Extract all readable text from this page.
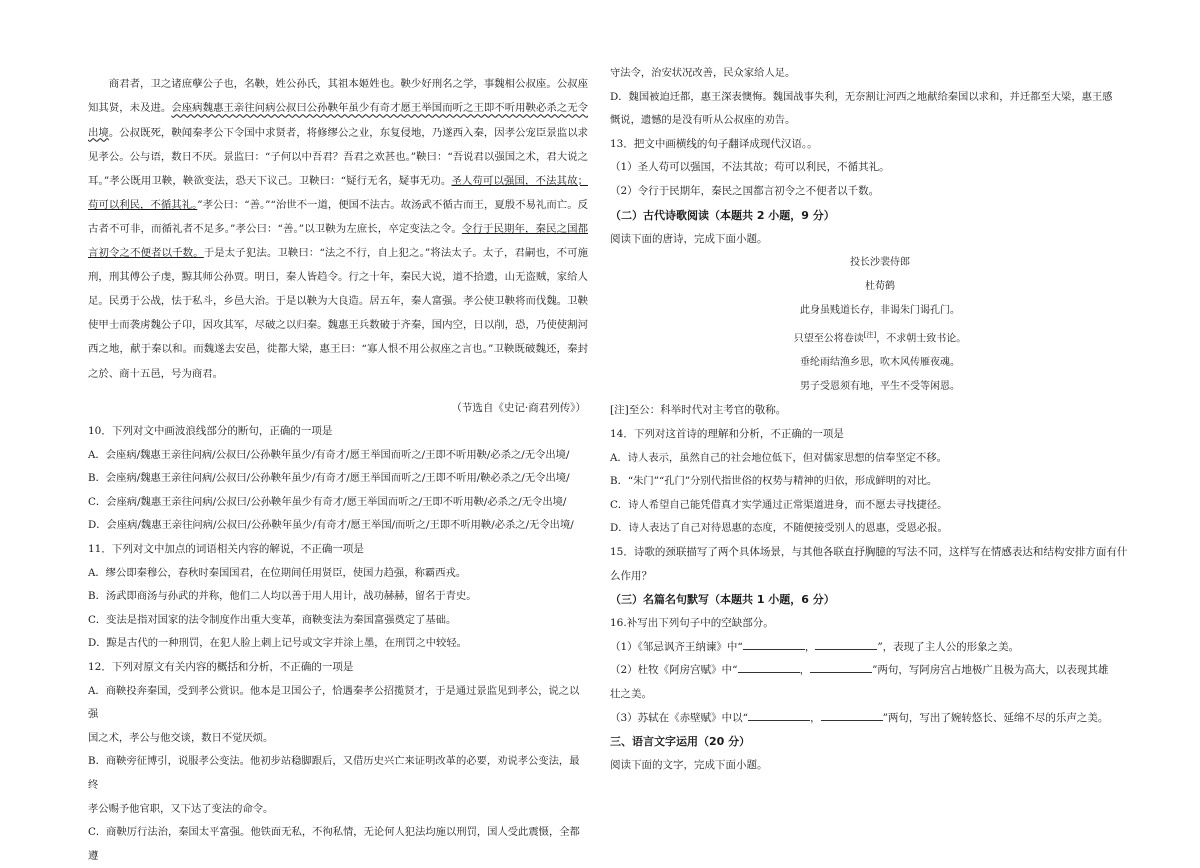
商君者，卫之诸庶孽公子也，名鞅，姓公孙氏，其祖本姬姓也。鞅少好刑名之学，事魏相公叔座。公叔座知其贤，未及进。会座病魏惠王亲往问病公叔曰公孙鞅年虽少有奇才愿王举国而听之王即不听用鞅必杀之无令出境。公叔既死，鞅闻秦孝公下令国中求贤者，将修缪公之业，东复侵地，乃遂西入秦，因孝公宠臣景监以求见孝公。公与语，数日不厌。景监曰：“子何以中吾君？吾君之欢甚也。”鞅曰：“吾说君以强国之术，君大说之耳。”孝公既用卫鞅，鞅欲变法，恐天下议己。卫鞅曰：“疑行无名，疑事无功。圣人苟可以强国，不法其故；苟可以利民，不循其礼。”孝公曰：“善。”“治世不一道，便国不法古。故汤武不循古而王，夏殷不易礼而亡。反古者不可非，而循礼者不足多。”孝公曰：“善。”以卫鞅为左庶长，卒定变法之令。令行于民期年，秦民之国都言初令之不便者以千数。于是太子犯法。卫鞅曰：“法之不行，自上犯之。”将法太子。太子，君嗣也，不可施刑，刑其傅公子虔，黥其师公孙贾。明日，秦人皆趋令。行之十年，秦民大说，道不拾遗，山无盗贼，家给人足。民勇于公战，怯于私斗，乡邑大治。于是以鞅为大良造。居五年，秦人富强。孝公使卫鞅将而伐魏。卫鞅使甲士而袭虏魏公子卬，因攻其军，尽破之以归秦。魏惠王兵数破于齐秦，国内空，日以削，恐，乃使使割河西之地，献于秦以和。而魏遂去安邑，徙都大梁，惠王曰：“寡人恨不用公叔座之言也。”卫鞅既破魏还，秦封之於、商十五邑，号为商君。

（节选自《史记·商君列传》）

10．下列对文中画波浪线部分的断句，正确的一项是

A．会座病/魏惠王亲往问病/公叔曰/公孙鞅年虽少/有奇才/愿王举国而听之/王即不听用鞅/必杀之/无令出境/

B．会座病/魏惠王亲往问病/公叔曰/公孙鞅年虽少/有奇才/愿王举国而听之/王即不听用/鞅必杀之/无令出境/

C．会座病/魏惠王亲往问病/公叔曰/公孙鞅年虽少有奇才/愿王举国而听之/王即不听用鞅/必杀之/无令出境/

D．会座病/魏惠王亲往问病/公叔曰/公孙鞅年虽少/有奇才/愿王举国/而听之/王即不听用鞅/必杀之/无令出境/

11．下列对文中加点的词语相关内容的解说，不正确一项是

A．缪公即秦穆公，春秋时秦国国君，在位期间任用贤臣，使国力趋强，称霸西戎。

B．汤武即商汤与孙武的并称，他们二人均以善于用人用计，战功赫赫，留名于青史。

C．变法是指对国家的法令制度作出重大变革，商鞅变法为秦国富强奠定了基础。

D．黥是古代的一种刑罚，在犯人脸上刺上记号或文字并涂上墨，在刑罚之中较轻。

12．下列对原文有关内容的概括和分析，不正确的一项是

A．商鞅投奔秦国，受到孝公赏识。他本是卫国公子，恰遇秦孝公招揽贤才，于是通过景监见到孝公，说之以强

国之术，孝公与他交谈，数日不觉厌烦。

B．商鞅旁征博引，说服孝公变法。他初步站稳脚跟后，又借历史兴亡来证明改革的必要，劝说孝公变法，最终

孝公赐予他官职，又下达了变法的命令。

C．商鞅厉行法治，秦国太平富强。他铁面无私，不徇私情，无论何人犯法均施以刑罚，国人受此震慑，全都遵

守法令，治安状况改善，民众家给人足。

D．魏国被迫迁都，惠王深表懊悔。魏国战事失利，无奈割让河西之地献给秦国以求和，并迁都至大梁，惠王感

慨说，遗憾的是没有听从公叔座的劝告。

13．把文中画横线的句子翻译成现代汉语。。

（1）圣人苟可以强国，不法其故；苟可以利民，不循其礼。

（2）令行于民期年，秦民之国都言初令之不便者以千数。

（二）古代诗歌阅读（本题共 2 小题，9 分）

阅读下面的唐诗，完成下面小题。

投长沙裴侍郎

杜荀鹤

此身虽贱道长存，非谒朱门谒孔门。

只望至公将卷读[注]，不求朝士致书论。

垂纶雨结渔乡思，吹木风传雁夜魂。

男子受恩须有地，平生不受等闲恩。

[注]至公：科举时代对主考官的敬称。

14．下列对这首诗的理解和分析，不正确的一项是

A．诗人表示，虽然自己的社会地位低下，但对儒家思想的信奉坚定不移。

B．“朱门”“孔门”分别代指世俗的权势与精神的归依，形成鲜明的对比。

C．诗人希望自己能凭借真才实学通过正常渠道进身，而不愿去寻找捷径。

D．诗人表达了自己对待恩惠的态度，不随便接受别人的恩惠，受恩必报。

15．诗歌的颈联描写了两个具体场景，与其他各联直抒胸臆的写法不同，这样写在情感表达和结构安排方面有什

么作用？

（三）名篇名句默写（本题共 1 小题，6 分）

16.补写出下列句子中的空缺部分。

（1）《邹忌讽齐王纳谏》中“	，	”，表现了主人公的形象之美。

（2）杜牧《阿房宫赋》中“	，	”两句，写阿房宫占地极广且极为高大，以表现其雄

壮之美。

（3）苏轼在《赤壁赋》中以“	，	”两句，写出了婉转悠长、延绵不尽的乐声之美。

三、语言文字运用（20 分）

阅读下面的文字，完成下面小题。
